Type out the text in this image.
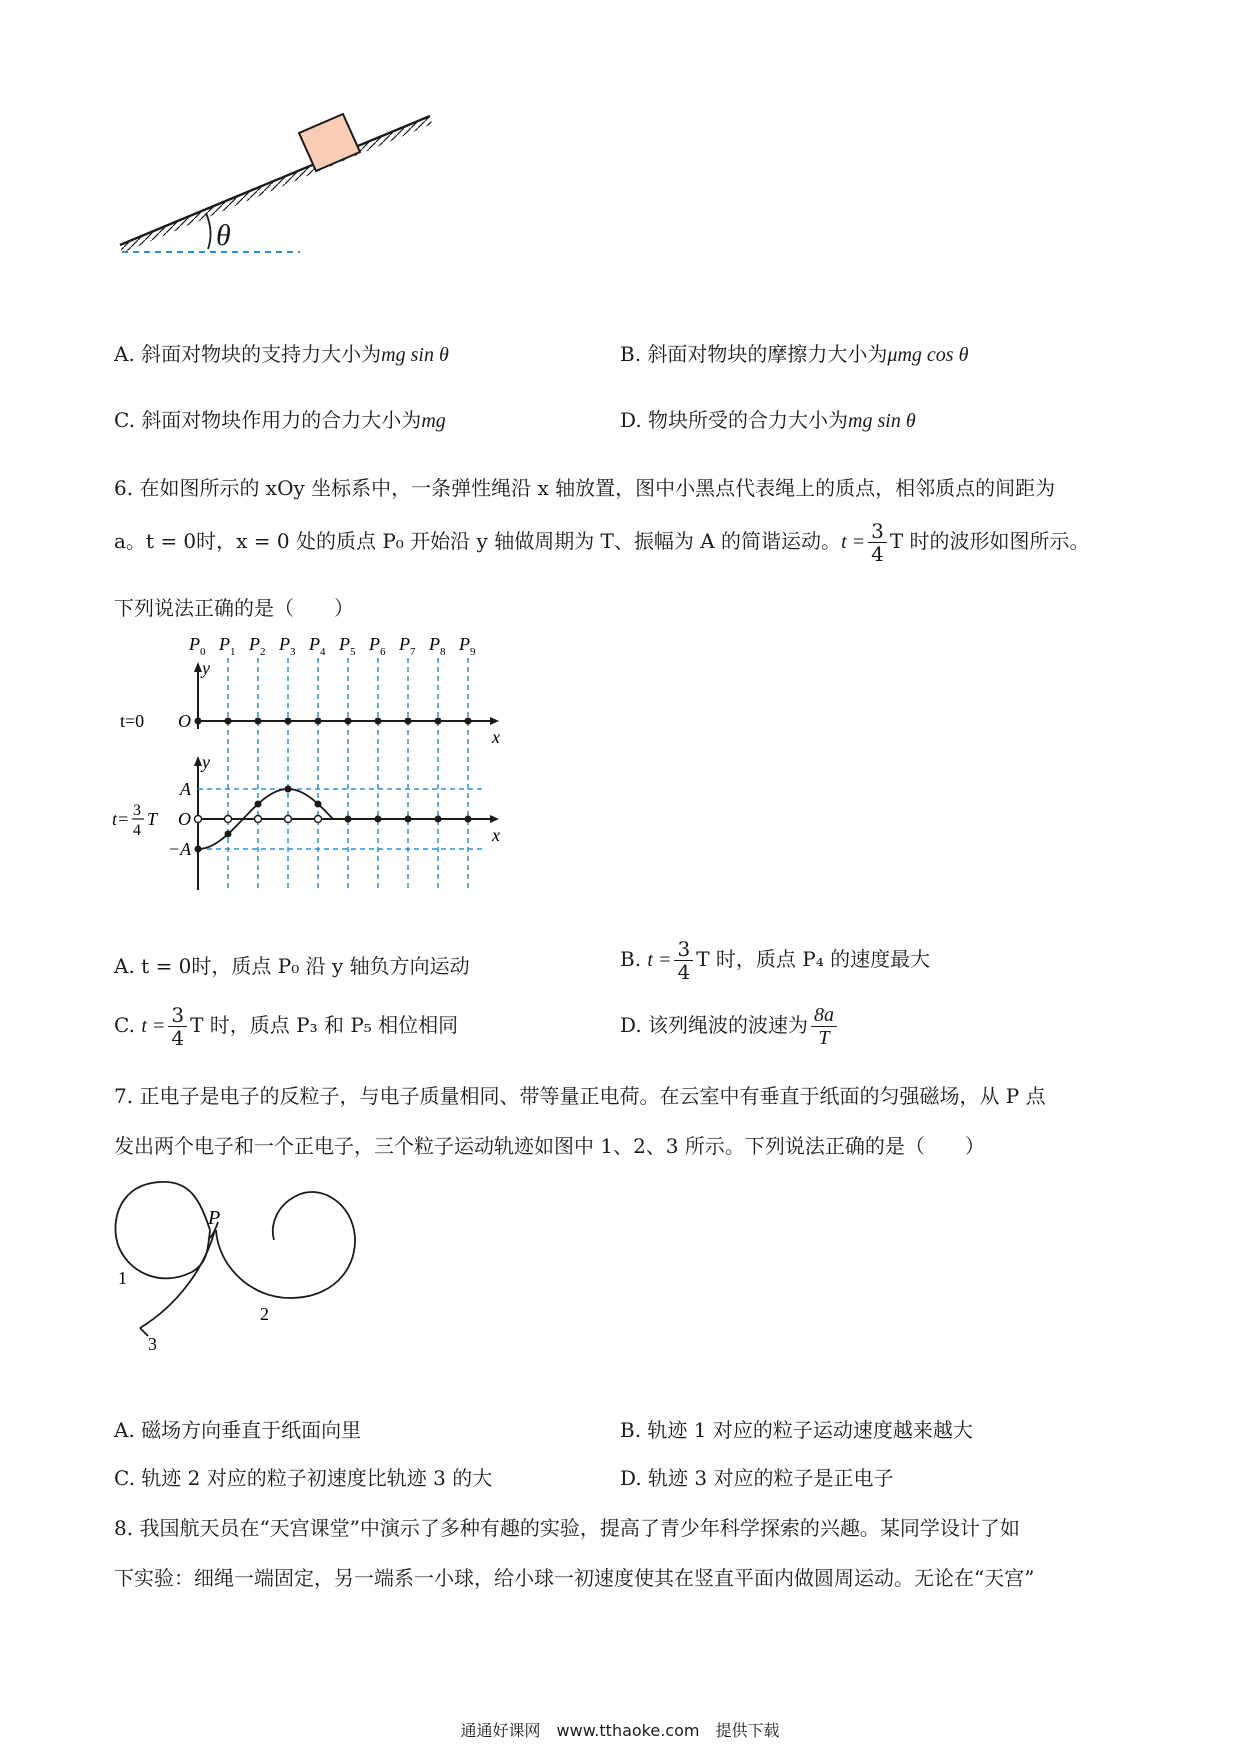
θ
A. 斜面对物块的支持力大小为mg sin θ	B. 斜面对物块的摩擦力大小为μmg cos θ
C. 斜面对物块作用力的合力大小为mg	D. 物块所受的合力大小为mg sin θ
6. 在如图所示的 xOy 坐标系中，一条弹性绳沿 x 轴放置，图中小黑点代表绳上的质点，相邻质点的间距为
a。t = 0时，x = 0 处的质点 P₀ 开始沿 y 轴做周期为 T、振幅为 A 的简谐运动。$t = \frac{3}{4}$ T 时的波形如图所示。
下列说法正确的是（　　）
$P_0$ $P_1$ $P_2$ $P_3$ $P_4$ $P_5$ $P_6$ $P_7$ $P_8$ $P_9$
y
y
x
x
t=0 O
O
A
−A
t= 3
4
T
A. t = 0时，质点 P₀ 沿 y 轴负方向运动	B. $t = \frac{3}{4}$ T 时，质点 P₄ 的速度最大
C. $t = \frac{3}{4}$ T 时，质点 P₃ 和 P₅ 相位相同	D. 该列绳波的波速为 $\frac{8a}{T}$
7. 正电子是电子的反粒子，与电子质量相同、带等量正电荷。在云室中有垂直于纸面的匀强磁场，从 P 点
发出两个电子和一个正电子，三个粒子运动轨迹如图中 1、2、3 所示。下列说法正确的是（　　）
P
1
2
3
A. 磁场方向垂直于纸面向里	B. 轨迹 1 对应的粒子运动速度越来越大
C. 轨迹 2 对应的粒子初速度比轨迹 3 的大	D. 轨迹 3 对应的粒子是正电子
8. 我国航天员在“天宫课堂”中演示了多种有趣的实验，提高了青少年科学探索的兴趣。某同学设计了如
下实验：细绳一端固定，另一端系一小球，给小球一初速度使其在竖直平面内做圆周运动。无论在“天宫”
通通好课网　www.tthaoke.com　提供下载
